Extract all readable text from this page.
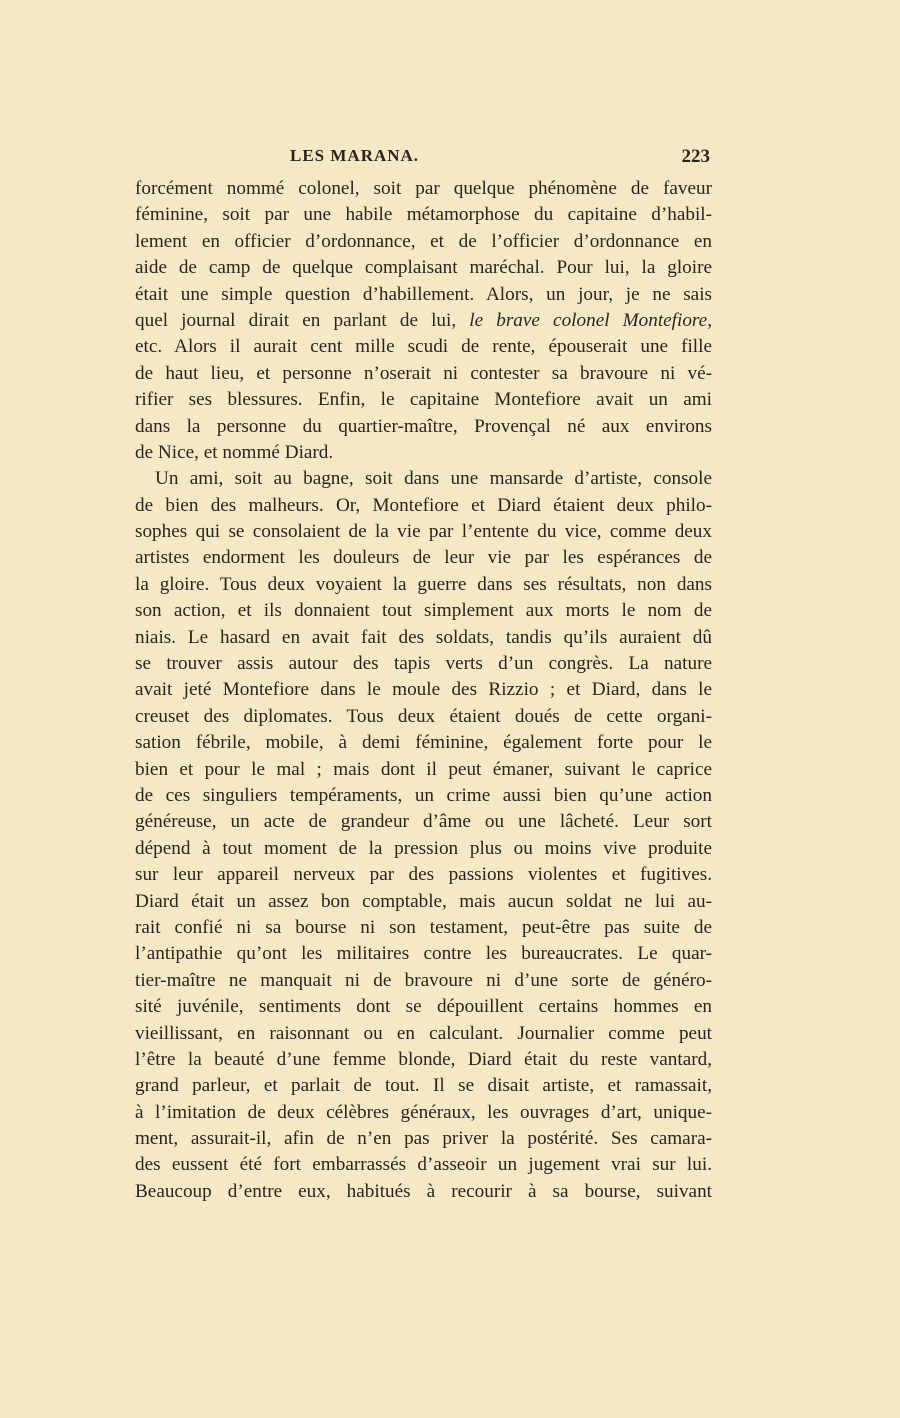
LES MARANA.	223
forcément nommé colonel, soit par quelque phénomène de faveur
féminine, soit par une habile métamorphose du capitaine d’habil-
lement en officier d’ordonnance, et de l’officier d’ordonnance en
aide de camp de quelque complaisant maréchal. Pour lui, la gloire
était une simple question d’habillement. Alors, un jour, je ne sais
quel journal dirait en parlant de lui, le brave colonel Montefiore,
etc. Alors il aurait cent mille scudi de rente, épouserait une fille
de haut lieu, et personne n’oserait ni contester sa bravoure ni vé-
rifier ses blessures. Enfin, le capitaine Montefiore avait un ami
dans la personne du quartier-maître, Provençal né aux environs
de Nice, et nommé Diard.
Un ami, soit au bagne, soit dans une mansarde d’artiste, console
de bien des malheurs. Or, Montefiore et Diard étaient deux philo-
sophes qui se consolaient de la vie par l’entente du vice, comme deux
artistes endorment les douleurs de leur vie par les espérances de
la gloire. Tous deux voyaient la guerre dans ses résultats, non dans
son action, et ils donnaient tout simplement aux morts le nom de
niais. Le hasard en avait fait des soldats, tandis qu’ils auraient dû
se trouver assis autour des tapis verts d’un congrès. La nature
avait jeté Montefiore dans le moule des Rizzio ; et Diard, dans le
creuset des diplomates. Tous deux étaient doués de cette organi-
sation fébrile, mobile, à demi féminine, également forte pour le
bien et pour le mal ; mais dont il peut émaner, suivant le caprice
de ces singuliers tempéraments, un crime aussi bien qu’une action
généreuse, un acte de grandeur d’âme ou une lâcheté. Leur sort
dépend à tout moment de la pression plus ou moins vive produite
sur leur appareil nerveux par des passions violentes et fugitives.
Diard était un assez bon comptable, mais aucun soldat ne lui au-
rait confié ni sa bourse ni son testament, peut-être pas suite de
l’antipathie qu’ont les militaires contre les bureaucrates. Le quar-
tier-maître ne manquait ni de bravoure ni d’une sorte de généro-
sité juvénile, sentiments dont se dépouillent certains hommes en
vieillissant, en raisonnant ou en calculant. Journalier comme peut
l’être la beauté d’une femme blonde, Diard était du reste vantard,
grand parleur, et parlait de tout. Il se disait artiste, et ramassait,
à l’imitation de deux célèbres généraux, les ouvrages d’art, unique-
ment, assurait-il, afin de n’en pas priver la postérité. Ses camara-
des eussent été fort embarrassés d’asseoir un jugement vrai sur lui.
Beaucoup d’entre eux, habitués à recourir à sa bourse, suivant
